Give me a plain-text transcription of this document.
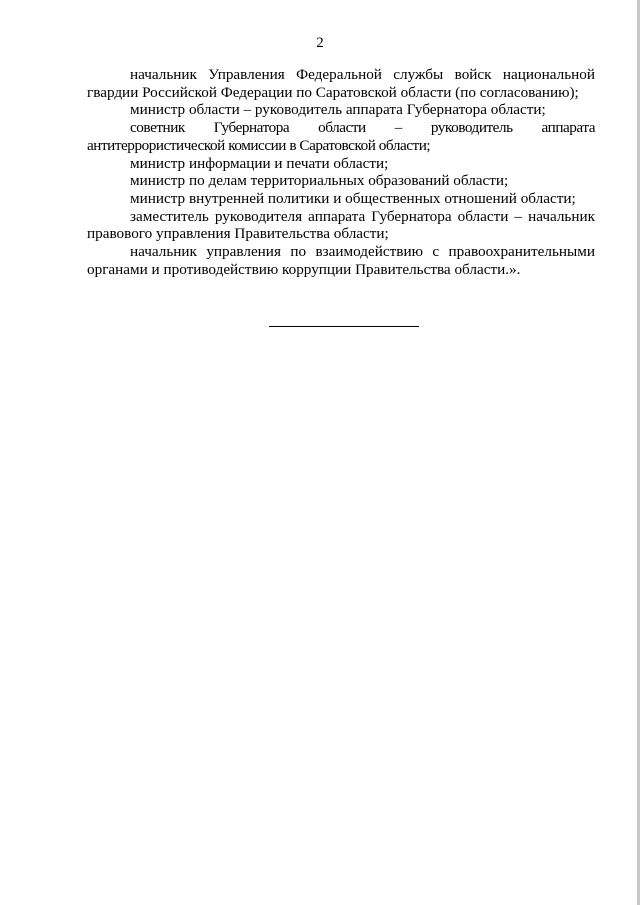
2

начальник Управления Федеральной службы войск национальной гвардии Российской Федерации по Саратовской области (по согласованию);

министр области – руководитель аппарата Губернатора области;

советник Губернатора области – руководитель аппарата антитеррористической комиссии в Саратовской области;

министр информации и печати области;

министр по делам территориальных образований области;

министр внутренней политики и общественных отношений области;

заместитель руководителя аппарата Губернатора области – начальник правового управления Правительства области;

начальник управления по взаимодействию с правоохранительными органами и противодействию коррупции Правительства области.».
